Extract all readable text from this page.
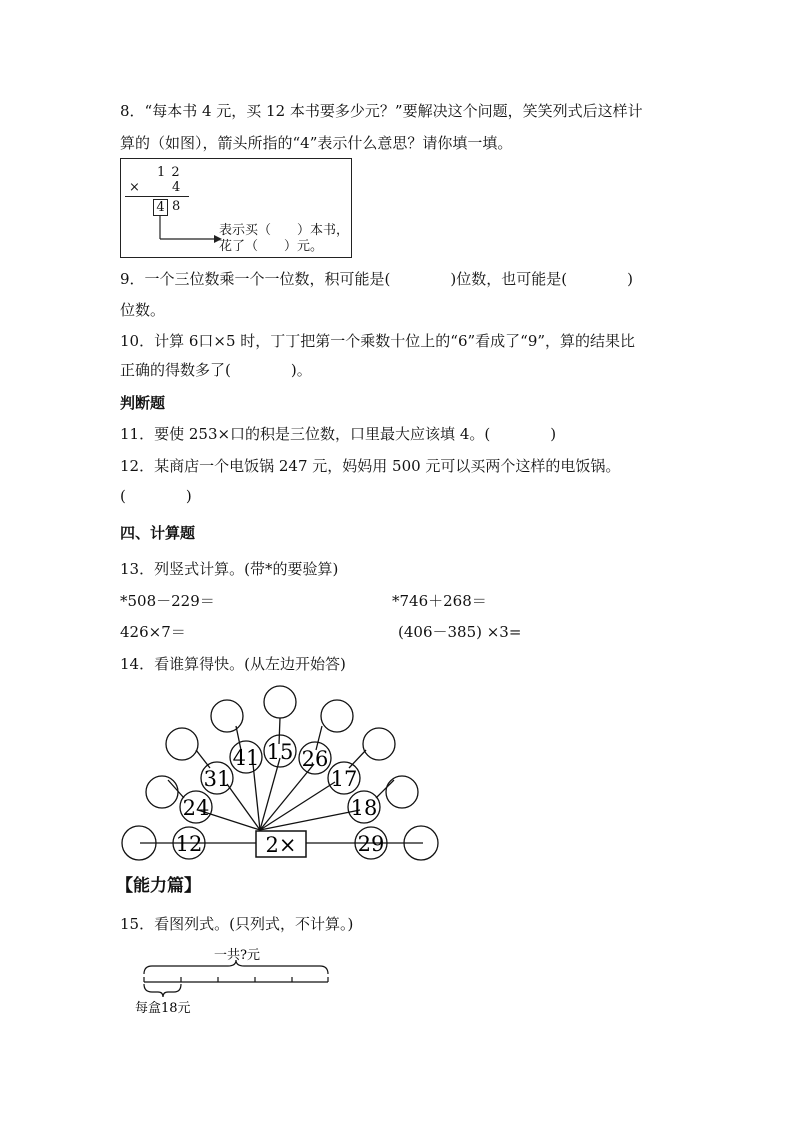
8．“每本书 4 元，买 12 本书要多少元？”要解决这个问题，笑笑列式后这样计
算的（如图），箭头所指的“4”表示什么意思？请你填一填。
1 2
× 4
4 8
表示买（　　）本书，
花了（　　）元。
9．一个三位数乘一个一位数，积可能是(　　　　)位数，也可能是(　　　　)
位数。
10．计算 6口×5 时，丁丁把第一个乘数十位上的“6”看成了“9”，算的结果比
正确的得数多了(　　　　)。
判断题
11．要使 253×口的积是三位数，口里最大应该填 4。(　　　　)
12．某商店一个电饭锅 247 元，妈妈用 500 元可以买两个这样的电饭锅。
(　　　　)
四、计算题
13．列竖式计算。(带*的要验算)
*508－229＝	*746＋268＝
426×7＝	(406－385) ×3=
14．看谁算得快。(从左边开始答)
2×
12
24
31
41 15 26
17
18
29
【能力篇】
15．看图列式。(只列式，不计算。)
一共?元
每盒18元
